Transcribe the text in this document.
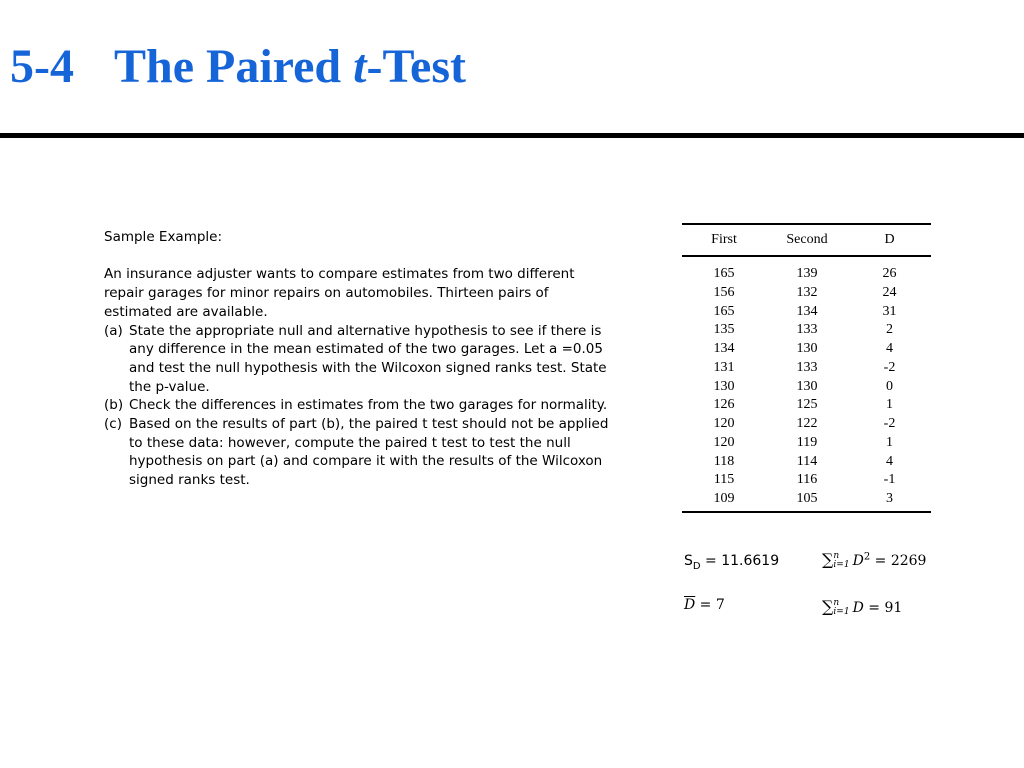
5-4 The Paired t-Test

Sample Example:

An insurance adjuster wants to compare estimates from two different repair garages for minor repairs on automobiles. Thirteen pairs of estimated are available.

(a) State the appropriate null and alternative hypothesis to see if there is any difference in the mean estimated of the two garages. Let a =0.05 and test the null hypothesis with the Wilcoxon signed ranks test. State the p-value.
(b) Check the differences in estimates from the two garages for normality.
(c) Based on the results of part (b), the paired t test should not be applied to these data: however, compute the paired t test to test the null hypothesis on part (a) and compare it with the results of the Wilcoxon signed ranks test.
First	Second	D
165	139	26
156	132	24
165	134	31
135	133	2
134	130	4
131	133	-2
130	130	0
126	125	1
120	122	-2
120	119	1
118	114	4
115	116	-1
109	105	3
$S_D = 11.6619$	∑ n
i=1 $D^2 = 2269$
$\overline{D} = 7$	∑ n
i=1 D = 91
